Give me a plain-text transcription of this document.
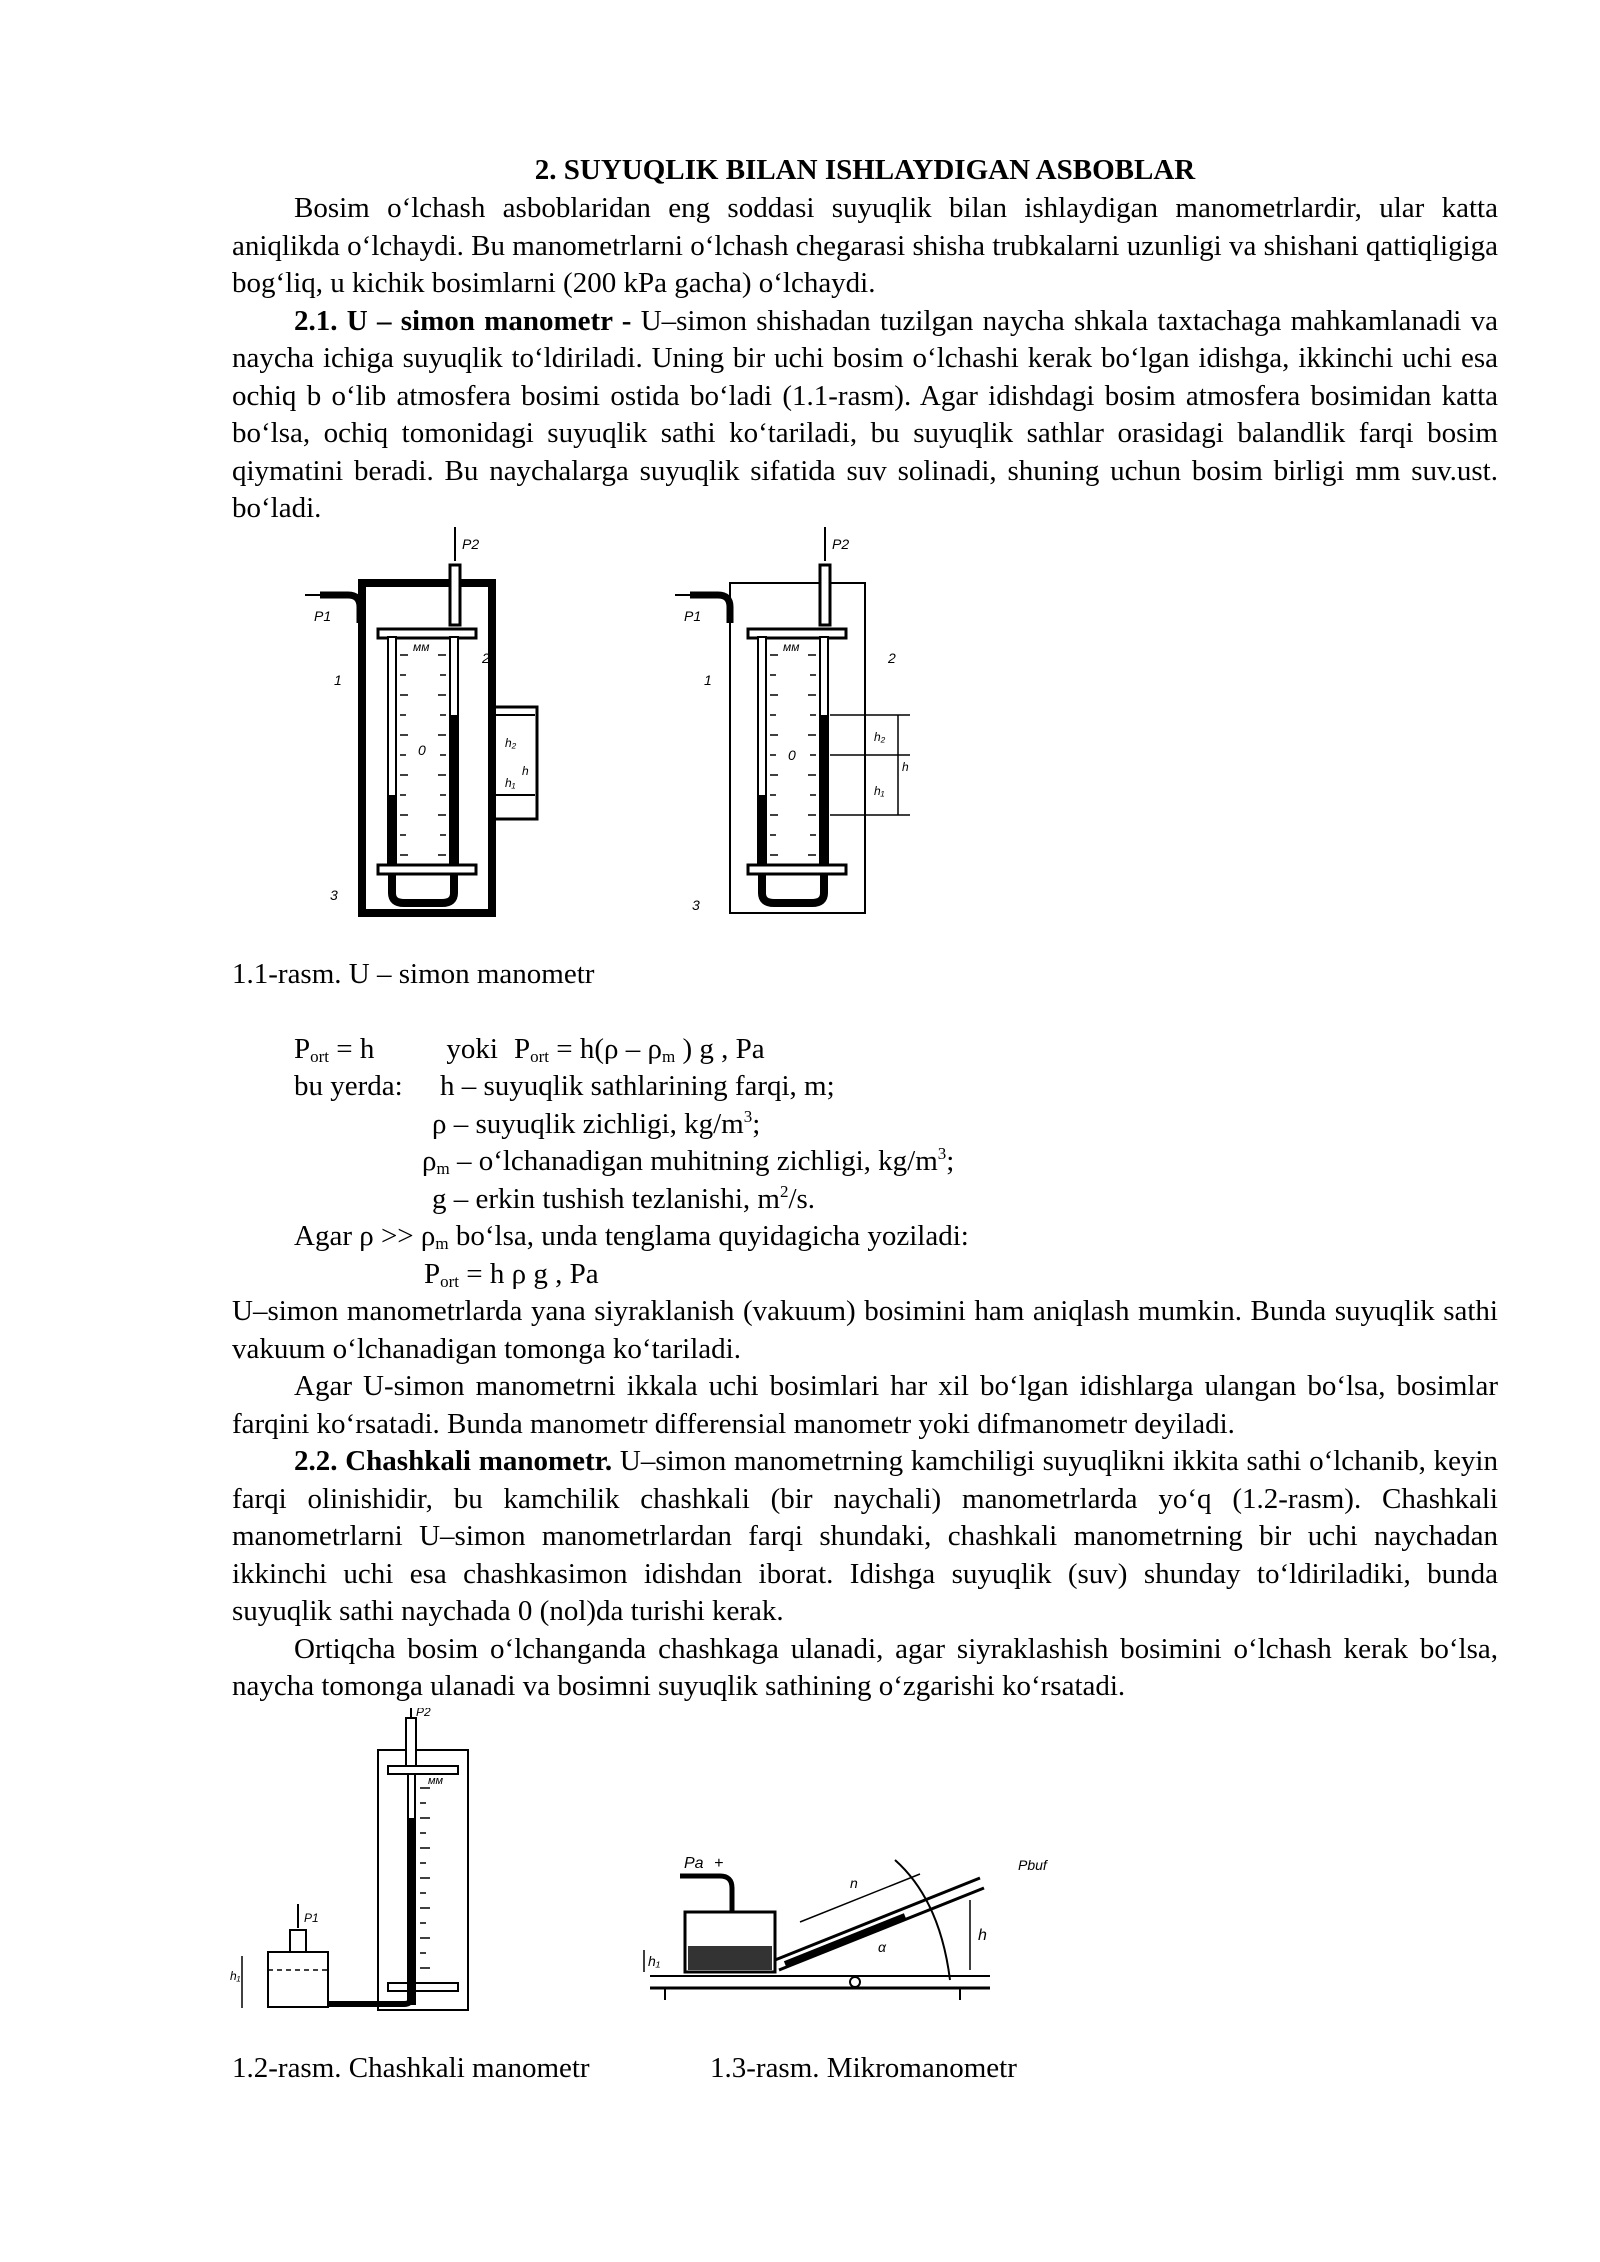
2. SUYUQLIK BILAN ISHLAYDIGAN ASBOBLAR

Bosim o‘lchash asboblaridan eng soddasi suyuqlik bilan ishlaydigan manometrlardir, ular katta aniqlikda o‘lchaydi. Bu manometrlarni o‘lchash chegarasi shisha trubkalarni uzunligi va shishani qattiqligiga bog‘liq, u kichik bosimlarni (200 kPa gacha) o‘lchaydi.

2.1. U – simon manometr - U–simon shishadan tuzilgan naycha shkala taxtachaga mahkamlanadi va naycha ichiga suyuqlik to‘ldiriladi. Uning bir uchi bosim o‘lchashi kerak bo‘lgan idishga, ikkinchi uchi esa ochiq b o‘lib atmosfera bosimi ostida bo‘ladi (1.1-rasm). Agar idishdagi bosim atmosfera bosimidan katta bo‘lsa, ochiq tomonidagi suyuqlik sathi ko‘tariladi, bu suyuqlik sathlar orasidagi balandlik farqi bosim qiymatini beradi. Bu naychalarga suyuqlik sifatida suv solinadi, shuning uchun bosim birligi mm suv.ust. bo‘ladi.

P1
P2
мм
1
2
3
0	h₂
h
h₁
P1
P2
мм
1
2
3
0
h₂
h
h₁
1.1-rasm. U – simon manometr
$P_{ort} = h$ yoki $P_{ort} = h(\rho - \rho_m$ ) g , Pa
bu yerda: h – suyuqlik sathlarining farqi, m;
ρ – suyuqlik zichligi, $kg/m^3$;
$\rho_m$ – o‘lchanadigan muhitning zichligi, $kg/m^3$;
g – erkin tushish tezlanishi, $m^2/s$.
Agar $\rho >> \rho_m$ bo‘lsa, unda tenglama quyidagicha yoziladi:
$P_{ort} = h$ ρ g , Pa

U–simon manometrlarda yana siyraklanish (vakuum) bosimini ham aniqlash mumkin. Bunda suyuqlik sathi vakuum o‘lchanadigan tomonga ko‘tariladi.

Agar U-simon manometrni ikkala uchi bosimlari har xil bo‘lgan idishlarga ulangan bo‘lsa, bosimlar farqini ko‘rsatadi. Bunda manometr differensial manometr yoki difmanometr deyiladi.

2.2. Chashkali manometr. U–simon manometrning kamchiligi suyuqlikni ikkita sathi o‘lchanib, keyin farqi olinishidir, bu kamchilik chashkali (bir naychali) manometrlarda yo‘q (1.2-rasm). Chashkali manometrlarni U–simon manometrlardan farqi shundaki, chashkali manometrning bir uchi naychadan ikkinchi uchi esa chashkasimon idishdan iborat. Idishga suyuqlik (suv) shunday to‘ldiriladiki, bunda suyuqlik sathi naychada 0 (nol)da turishi kerak.

Ortiqcha bosim o‘lchanganda chashkaga ulanadi, agar siyraklashish bosimini o‘lchash kerak bo‘lsa, naycha tomonga ulanadi va bosimni suyuqlik sathining o‘zgarishi ko‘rsatadi.

P1
P2
мм
h₁
Pa +	Pbuf
h
α
n
h₁
1.2-rasm. Chashkali manometr	1.3-rasm. Mikromanometr
